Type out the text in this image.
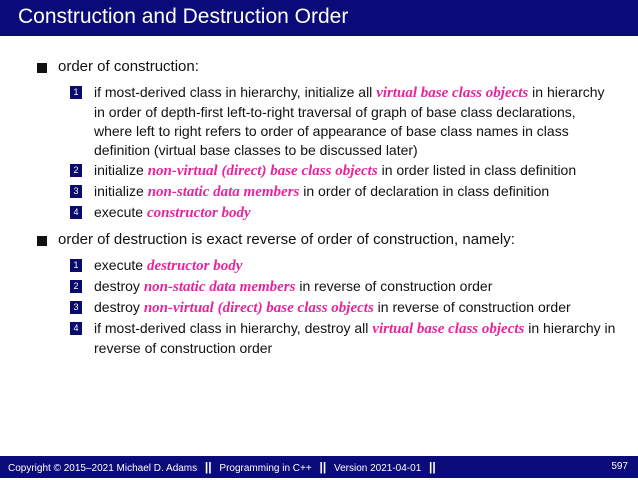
Construction and Destruction Order
order of construction:
1 if most-derived class in hierarchy, initialize all virtual base class objects in hierarchy in order of depth-first left-to-right traversal of graph of base class declarations, where left to right refers to order of appearance of base class names in class definition (virtual base classes to be discussed later)
2 initialize non-virtual (direct) base class objects in order listed in class definition
3 initialize non-static data members in order of declaration in class definition
4 execute constructor body
order of destruction is exact reverse of order of construction, namely:
1 execute destructor body
2 destroy non-static data members in reverse of construction order
3 destroy non-virtual (direct) base class objects in reverse of construction order
4 if most-derived class in hierarchy, destroy all virtual base class objects in hierarchy in reverse of construction order
Copyright © 2015–2021 Michael D. Adams || Programming in C++ || Version 2021-04-01 ||	597
